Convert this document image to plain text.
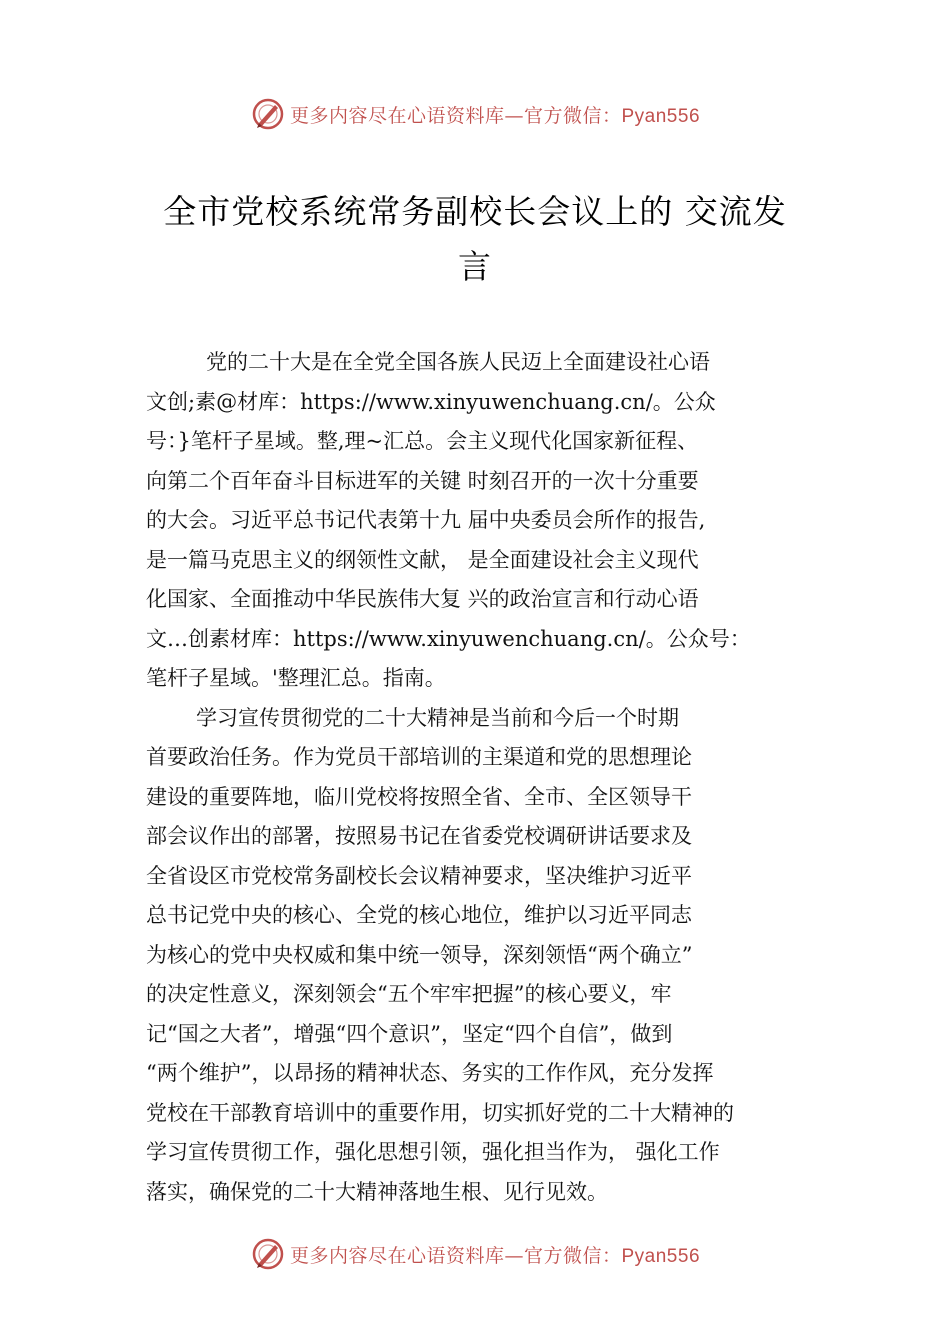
更多内容尽在心语资料库—官方微信：Pyan556
全市党校系统常务副校长会议上的 交流发
言
党的二十大是在全党全国各族人民迈上全面建设社心语
文创;素@材库：https://www.xinyuwenchuang.cn/。公众
号：}笔杆子星域。整,理~汇总。会主义现代化国家新征程、
向第二个百年奋斗目标进军的关键 时刻召开的一次十分重要
的大会。习近平总书记代表第十九 届中央委员会所作的报告,
是一篇马克思主义的纲领性文献， 是全面建设社会主义现代
化国家、全面推动中华民族伟大复 兴的政治宣言和行动心语
文…创素材库：https://www.xinyuwenchuang.cn/。公众号：
笔杆子星域。'整理汇总。指南。
学习宣传贯彻党的二十大精神是当前和今后一个时期
首要政治任务。作为党员干部培训的主渠道和党的思想理论
建设的重要阵地，临川党校将按照全省、全市、全区领导干
部会议作出的部署，按照易书记在省委党校调研讲话要求及
全省设区市党校常务副校长会议精神要求，坚决维护习近平
总书记党中央的核心、全党的核心地位，维护以习近平同志
为核心的党中央权威和集中统一领导，深刻领悟“两个确立”
的决定性意义，深刻领会“五个牢牢把握”的核心要义，牢
记“国之大者”，增强“四个意识”，坚定“四个自信”，做到
“两个维护”，以昂扬的精神状态、务实的工作作风，充分发挥
党校在干部教育培训中的重要作用，切实抓好党的二十大精神的
学习宣传贯彻工作，强化思想引领，强化担当作为， 强化工作
落实，确保党的二十大精神落地生根、见行见效。
更多内容尽在心语资料库—官方微信：Pyan556
